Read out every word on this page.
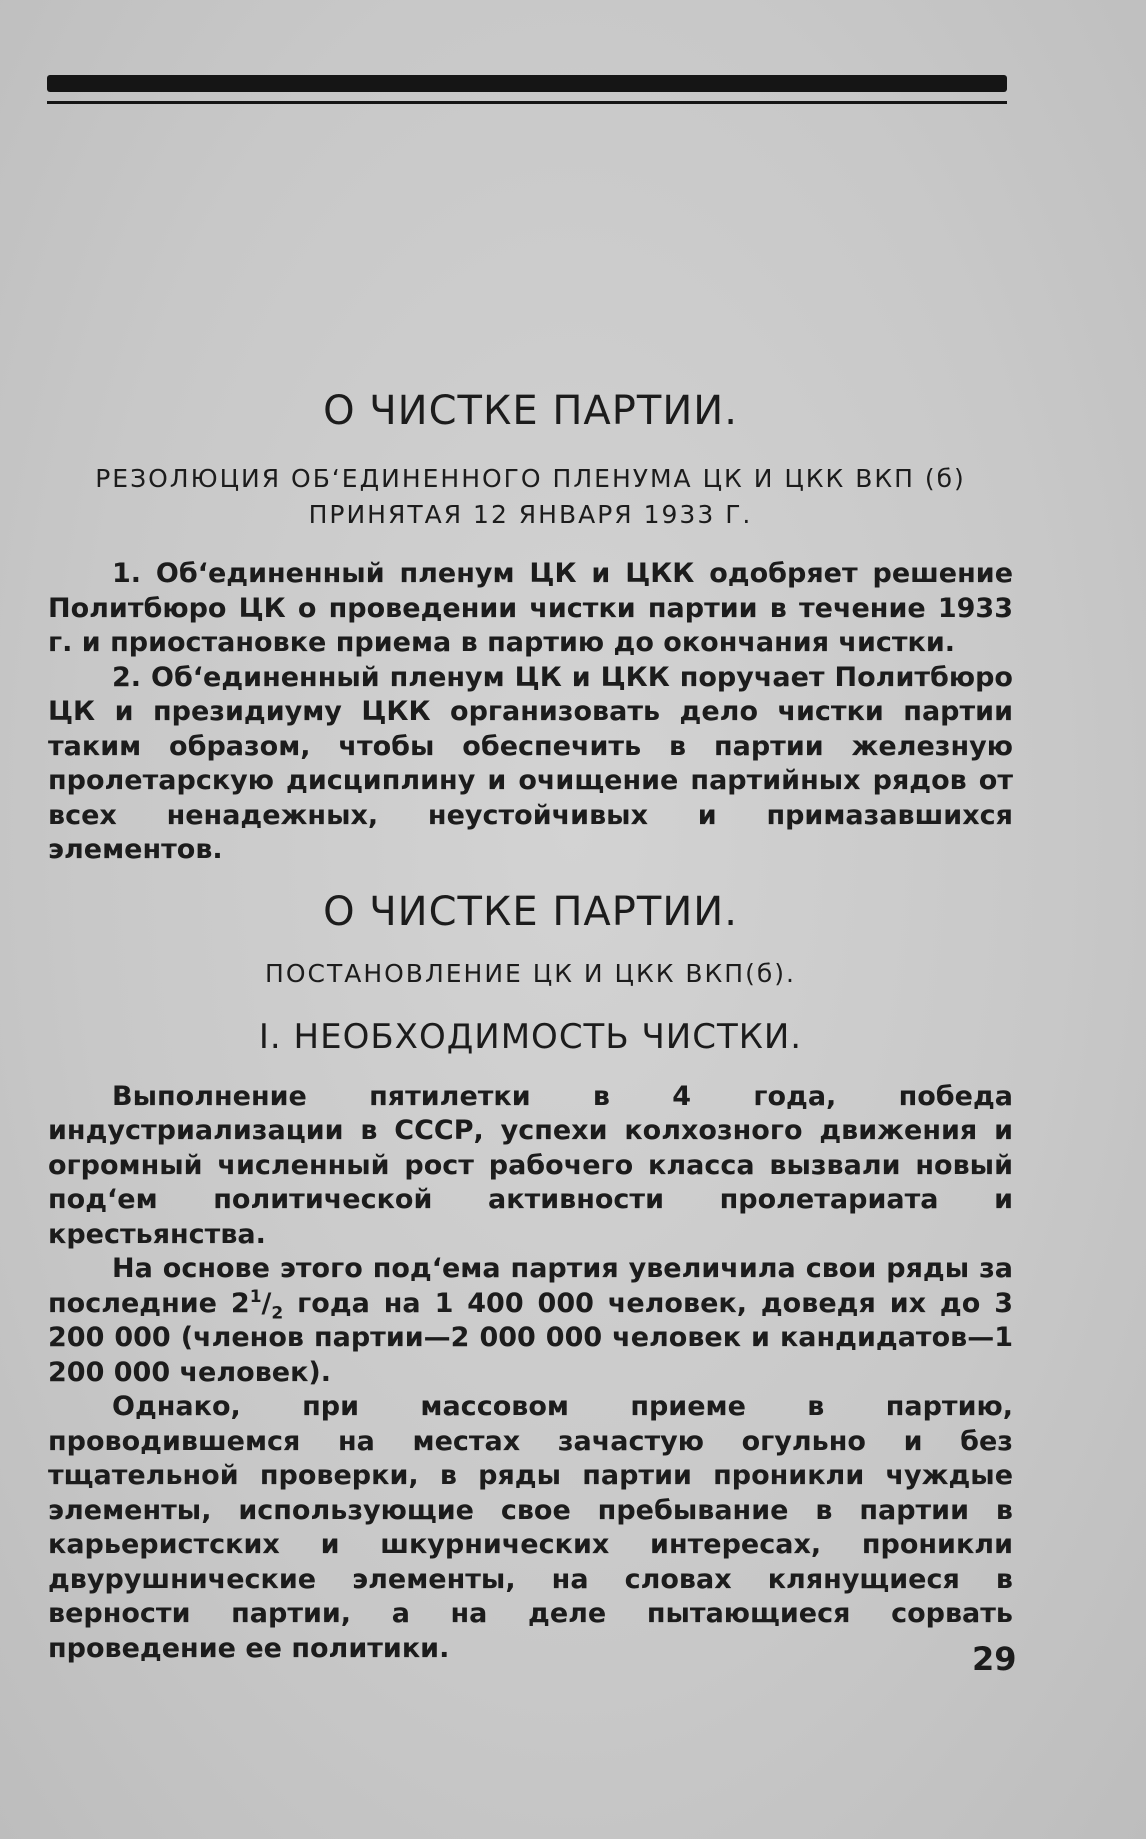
О ЧИСТКЕ ПАРТИИ.
РЕЗОЛЮЦИЯ ОБ‘ЕДИНЕННОГО ПЛЕНУМА ЦК И ЦКК ВКП (б)
ПРИНЯТАЯ 12 ЯНВАРЯ 1933 Г.

1. Об‘единенный пленум ЦК и ЦКК одобряет решение Политбюро ЦК о проведении чистки партии в течение 1933 г. и приостановке приема в партию до окончания чистки.

2. Об‘единенный пленум ЦК и ЦКК поручает Политбюро ЦК и президиуму ЦКК организовать дело чистки партии таким образом, чтобы обеспечить в партии железную пролетарскую дисциплину и очищение партийных рядов от всех ненадежных, неустойчивых и примазавшихся элементов.

О ЧИСТКЕ ПАРТИИ.
ПОСТАНОВЛЕНИЕ ЦК И ЦКК ВКП(б).
I. НЕОБХОДИМОСТЬ ЧИСТКИ.

Выполнение пятилетки в 4 года, победа индустриализации в СССР, успехи колхозного движения и огромный численный рост рабочего класса вызвали новый под‘ем политической активности пролетариата и крестьянства.

На основе этого под‘ема партия увеличила свои ряды за последние $2^1/_2$ года на 1 400 000 человек, доведя их до 3 200 000 (членов партии—2 000 000 человек и кандидатов—1 200 000 человек).

Однако, при массовом приеме в партию, проводившемся на местах зачастую огульно и без тщательной проверки, в ряды партии проникли чуждые элементы, использующие свое пребывание в партии в карьеристских и шкурнических интересах, проникли двурушнические элементы, на словах клянущиеся в верности партии, а на деле пытающиеся сорвать проведение ее политики.	29
